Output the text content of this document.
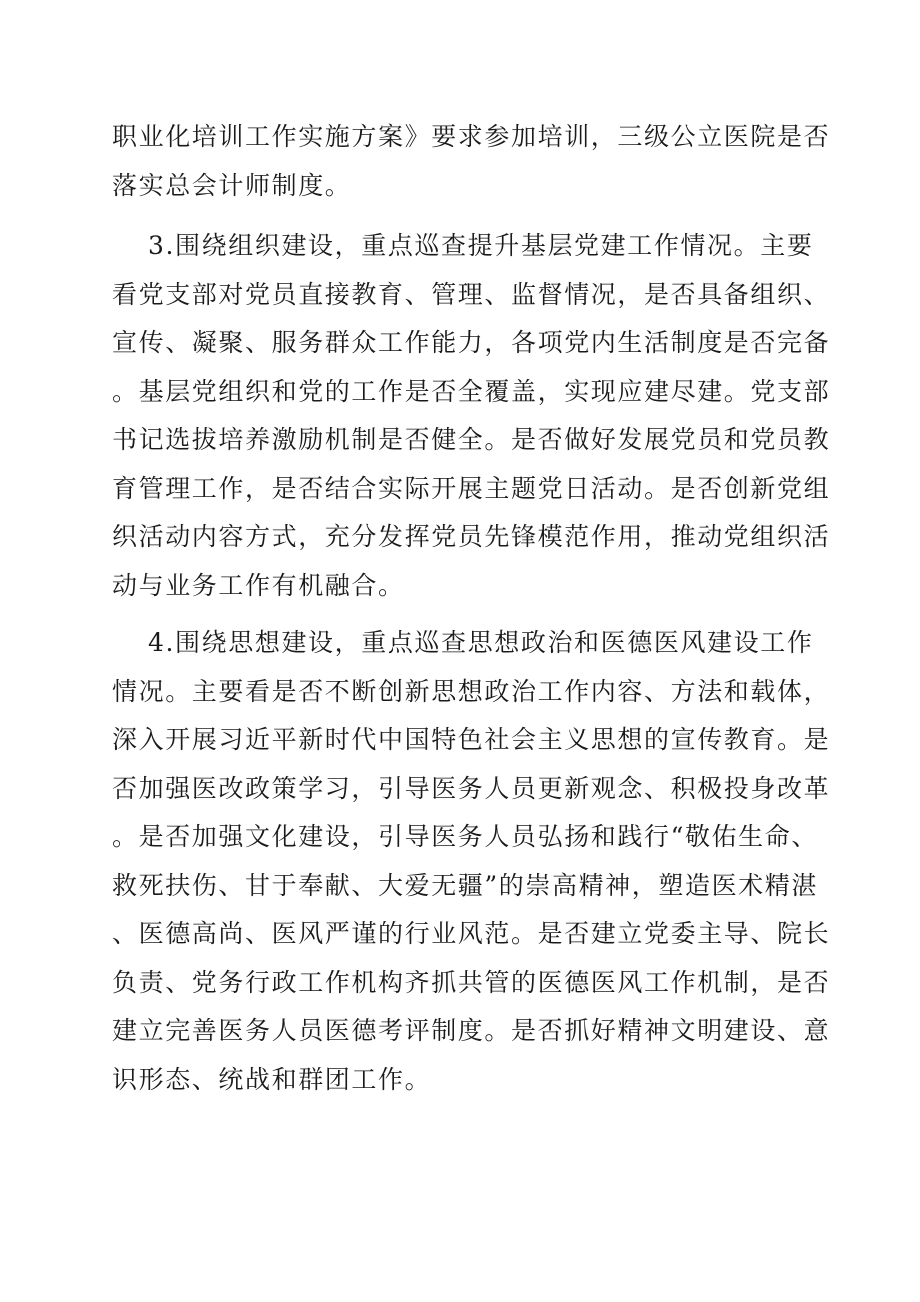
职业化培训工作实施方案》要求参加培训，三级公立医院是否
落实总会计师制度。
3.围绕组织建设，重点巡查提升基层党建工作情况。主要
看党支部对党员直接教育、管理、监督情况，是否具备组织、
宣传、凝聚、服务群众工作能力，各项党内生活制度是否完备
。基层党组织和党的工作是否全覆盖，实现应建尽建。党支部
书记选拔培养激励机制是否健全。是否做好发展党员和党员教
育管理工作，是否结合实际开展主题党日活动。是否创新党组
织活动内容方式，充分发挥党员先锋模范作用，推动党组织活
动与业务工作有机融合。
4.围绕思想建设，重点巡查思想政治和医德医风建设工作
情况。主要看是否不断创新思想政治工作内容、方法和载体，
深入开展习近平新时代中国特色社会主义思想的宣传教育。是
否加强医改政策学习，引导医务人员更新观念、积极投身改革
。是否加强文化建设，引导医务人员弘扬和践行“敬佑生命、
救死扶伤、甘于奉献、大爱无疆”的崇高精神，塑造医术精湛
、医德高尚、医风严谨的行业风范。是否建立党委主导、院长
负责、党务行政工作机构齐抓共管的医德医风工作机制，是否
建立完善医务人员医德考评制度。是否抓好精神文明建设、意
识形态、统战和群团工作。
